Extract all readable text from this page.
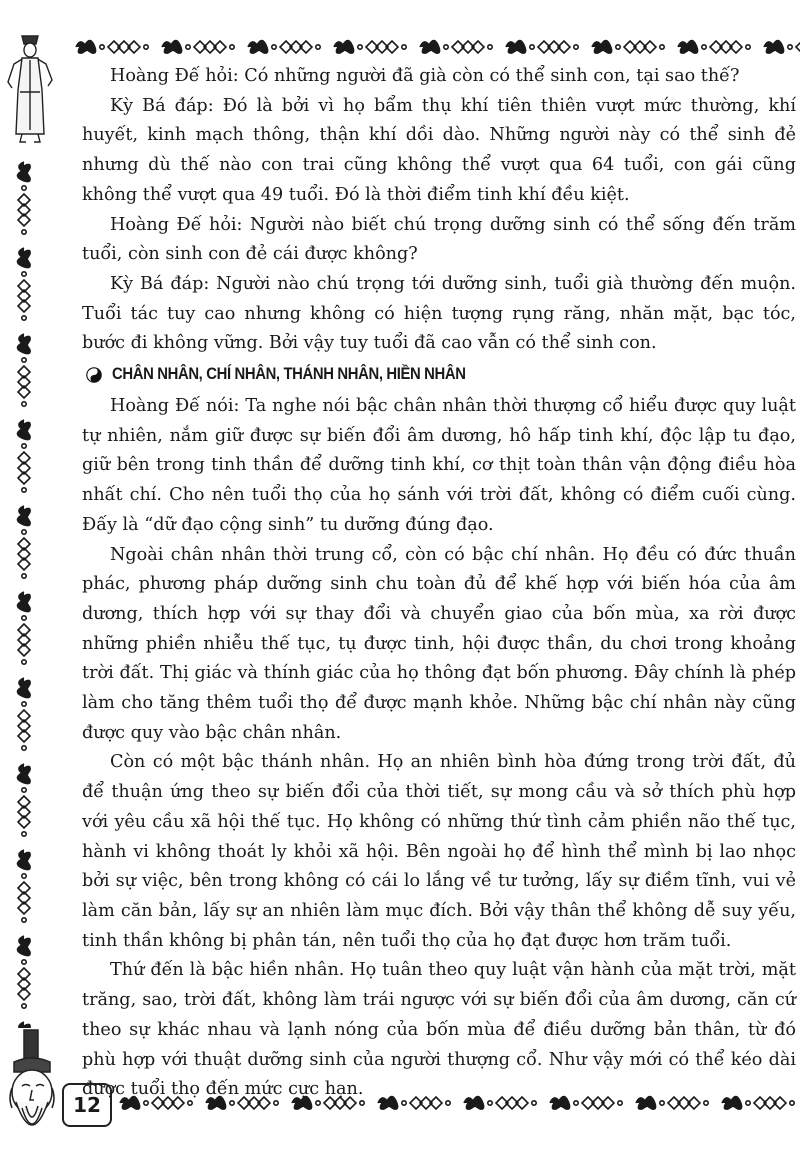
12

Hoàng Đế hỏi: Có những người đã già còn có thể sinh con, tại sao thế?

Kỳ Bá đáp: Đó là bởi vì họ bẩm thụ khí tiên thiên vượt mức thường, khí huyết, kinh mạch thông, thận khí dồi dào. Những người này có thể sinh đẻ nhưng dù thế nào con trai cũng không thể vượt qua 64 tuổi, con gái cũng không thể vượt qua 49 tuổi. Đó là thời điểm tinh khí đều kiệt.

Hoàng Đế hỏi: Người nào biết chú trọng dưỡng sinh có thể sống đến trăm tuổi, còn sinh con đẻ cái được không?

Kỳ Bá đáp: Người nào chú trọng tới dưỡng sinh, tuổi già thường đến muộn. Tuổi tác tuy cao nhưng không có hiện tượng rụng răng, nhăn mặt, bạc tóc, bước đi không vững. Bởi vậy tuy tuổi đã cao vẫn có thể sinh con.

CHÂN NHÂN, CHÍ NHÂN, THÁNH NHÂN, HIỀN NHÂN

Hoàng Đế nói: Ta nghe nói bậc chân nhân thời thượng cổ hiểu được quy luật tự nhiên, nắm giữ được sự biến đổi âm dương, hô hấp tinh khí, độc lập tu đạo, giữ bên trong tinh thần để dưỡng tinh khí, cơ thịt toàn thân vận động điều hòa nhất chí. Cho nên tuổi thọ của họ sánh với trời đất, không có điểm cuối cùng. Đấy là “dữ đạo cộng sinh” tu dưỡng đúng đạo.

Ngoài chân nhân thời trung cổ, còn có bậc chí nhân. Họ đều có đức thuần phác, phương pháp dưỡng sinh chu toàn đủ để khế hợp với biến hóa của âm dương, thích hợp với sự thay đổi và chuyển giao của bốn mùa, xa rời được những phiền nhiễu thế tục, tụ được tinh, hội được thần, du chơi trong khoảng trời đất. Thị giác và thính giác của họ thông đạt bốn phương. Đây chính là phép làm cho tăng thêm tuổi thọ để được mạnh khỏe. Những bậc chí nhân này cũng được quy vào bậc chân nhân.

Còn có một bậc thánh nhân. Họ an nhiên bình hòa đứng trong trời đất, đủ để thuận ứng theo sự biến đổi của thời tiết, sự mong cầu và sở thích phù hợp với yêu cầu xã hội thế tục. Họ không có những thứ tình cảm phiền não thế tục, hành vi không thoát ly khỏi xã hội. Bên ngoài họ để hình thể mình bị lao nhọc bởi sự việc, bên trong không có cái lo lắng về tư tưởng, lấy sự điềm tĩnh, vui vẻ làm căn bản, lấy sự an nhiên làm mục đích. Bởi vậy thân thể không dễ suy yếu, tinh thần không bị phân tán, nên tuổi thọ của họ đạt được hơn trăm tuổi.

Thứ đến là bậc hiền nhân. Họ tuân theo quy luật vận hành của mặt trời, mặt trăng, sao, trời đất, không làm trái ngược với sự biến đổi của âm dương, căn cứ theo sự khác nhau và lạnh nóng của bốn mùa để điều dưỡng bản thân, từ đó phù hợp với thuật dưỡng sinh của người thượng cổ. Như vậy mới có thể kéo dài được tuổi thọ đến mức cực hạn.
